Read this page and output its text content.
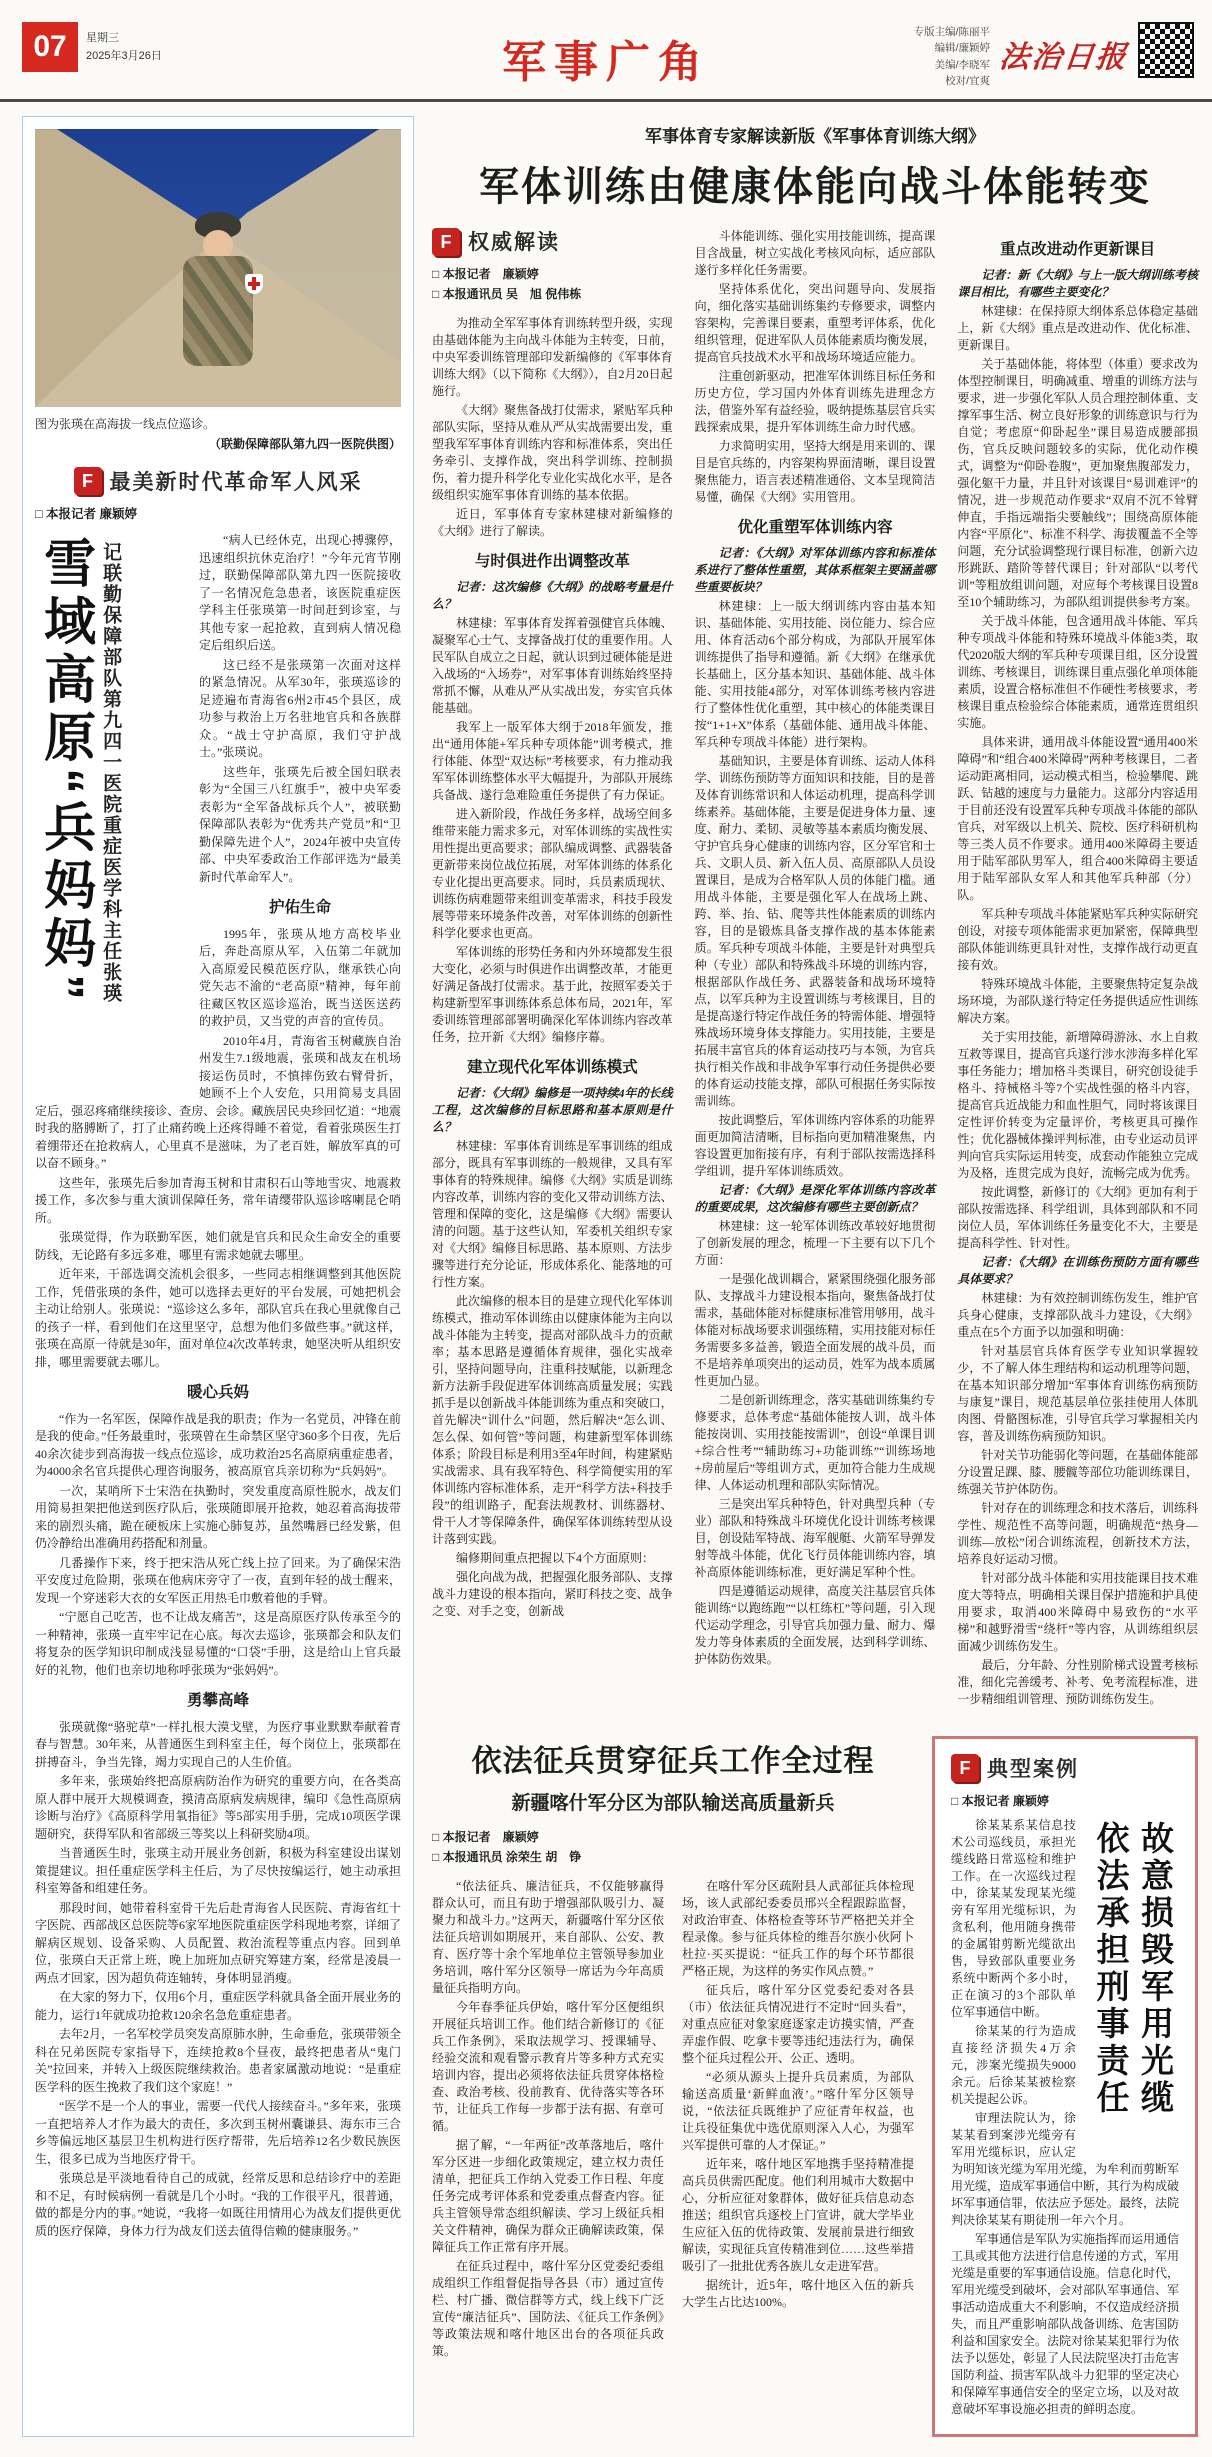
07	星期三
2025年3月26日	军事广角
专版主编/陈丽平
编辑/廉颖婷
美编/李晓军
校对/宜爽
法治日报
图为张瑛在高海拔一线点位巡诊。
（联勤保障部队第九四一医院供图）
F 最美新时代革命军人风采
□ 本报记者 廉颖婷
雪域高原“兵妈妈” 记联勤保障部队第九四一医院重症医学科主任张瑛

“病人已经休克，出现心搏骤停，迅速组织抗休克治疗！”今年元宵节刚过，联勤保障部队第九四一医院接收了一名情况危急患者，该医院重症医学科主任张瑛第一时间赶到诊室，与其他专家一起抢救，直到病人情况稳定后组织后送。

这已经不是张瑛第一次面对这样的紧急情况。从军30年，张瑛巡诊的足迹遍布青海省6州2市45个县区，成功参与救治上万名驻地官兵和各族群众。“战士守护高原，我们守护战士。”张瑛说。

这些年，张瑛先后被全国妇联表彰为“全国三八红旗手”，被中央军委表彰为“全军备战标兵个人”，被联勤保障部队表彰为“优秀共产党员”和“卫勤保障先进个人”，2024年被中央宣传部、中央军委政治工作部评选为“最美新时代革命军人”。

护佑生命

1995年，张瑛从地方高校毕业后，奔赴高原从军，入伍第二年就加入高原爱民模范医疗队，继承铁心向党矢志不渝的“老高原”精神，每年前往藏区牧区巡诊巡治，既当送医送药的救护员，又当党的声音的宣传员。

2010年4月，青海省玉树藏族自治州发生7.1级地震，张瑛和战友在机场接运伤员时，不慎摔伤致右臂骨折，她顾不上个人安危，只用简易支具固定后，强忍疼痛继续接诊、查房、会诊。藏族居民央珍回忆道：“地震时我的胳膊断了，打了止痛药晚上还疼得睡不着觉，看着张瑛医生打着绷带还在抢救病人，心里真不是滋味，为了老百姓，解放军真的可以奋不顾身。”

这些年，张瑛先后参加青海玉树和甘肃积石山等地雪灾、地震救援工作，多次参与重大演训保障任务，常年请缨带队巡诊喀喇昆仑哨所。

张瑛觉得，作为联勤军医，她们就是官兵和民众生命安全的重要防线，无论路有多远多难，哪里有需求她就去哪里。

近年来，干部选调交流机会很多，一些同志相继调整到其他医院工作，凭借张瑛的条件，她可以选择去更好的平台发展，可她把机会主动让给别人。张瑛说：“巡诊这么多年，部队官兵在我心里就像自己的孩子一样，看到他们在这里坚守，总想为他们多做些事。”就这样，张瑛在高原一待就是30年，面对单位4次改革转隶，她坚决听从组织安排，哪里需要就去哪儿。

暖心兵妈

“作为一名军医，保障作战是我的职责；作为一名党员，冲锋在前是我的使命。”任务最重时，张瑛曾在生命禁区坚守360多个日夜，先后40余次徒步到高海拔一线点位巡诊，成功救治25名高原病重症患者，为4000余名官兵提供心理咨询服务，被高原官兵亲切称为“兵妈妈”。

一次，某哨所下士宋浩在执勤时，突发重度高原性脱水，战友们用简易担架把他送到医疗队后，张瑛随即展开抢救，她忍着高海拔带来的剧烈头痛，跪在硬板床上实施心肺复苏，虽然嘴唇已经发紫，但仍冷静给出准确用药搭配和剂量。

几番操作下来，终于把宋浩从死亡线上拉了回来。为了确保宋浩平安度过危险期，张瑛在他病床旁守了一夜，直到年轻的战士醒来，发现一个穿迷彩大衣的女军医正用热毛巾敷着他的手臂。

“宁愿自己吃苦，也不让战友痛苦”，这是高原医疗队传承至今的一种精神，张瑛一直牢牢记在心底。每次去巡诊，张瑛都会和队友们将复杂的医学知识印制成浅显易懂的“口袋”手册，这是给山上官兵最好的礼物，他们也亲切地称呼张瑛为“张妈妈”。

勇攀高峰

张瑛就像“骆驼草”一样扎根大漠戈壁，为医疗事业默默奉献着青春与智慧。30年来，从普通医生到科室主任，每个岗位上，张瑛都在拼搏奋斗，争当先锋，竭力实现自己的人生价值。

多年来，张瑛始终把高原病防治作为研究的重要方向，在各类高原人群中展开大规模调查，摸清高原病发病规律，编印《急性高原病诊断与治疗》《高原科学用氧指征》等5部实用手册，完成10项医学课题研究，获得军队和省部级三等奖以上科研奖励4项。

当普通医生时，张瑛主动开展业务创新，积极为科室建设出谋划策提建议。担任重症医学科主任后，为了尽快按编运行，她主动承担科室筹备和组建任务。

那段时间，她带着科室骨干先后赴青海省人民医院、青海省红十字医院、西部战区总医院等6家军地医院重症医学科现地考察，详细了解病区规划、设备采购、人员配置、救治流程等重点内容。回到单位，张瑛白天正常上班，晚上加班加点研究筹建方案，经常是凌晨一两点才回家，因为超负荷连轴转，身体明显消瘦。

在大家的努力下，仅用6个月，重症医学科就具备全面开展业务的能力，运行1年就成功抢救120余名急危重症患者。

去年2月，一名军校学员突发高原肺水肿，生命垂危，张瑛带领全科在兄弟医院专家指导下，连续抢救8个昼夜，最终把患者从“鬼门关”拉回来，并转入上级医院继续救治。患者家属激动地说：“是重症医学科的医生挽救了我们这个家庭！”

“医学不是一个人的事业，需要一代代人接续奋斗。”多年来，张瑛一直把培养人才作为最大的责任，多次到玉树州囊谦县、海东市三合乡等偏远地区基层卫生机构进行医疗帮带，先后培养12名少数民族医生，很多已成为当地医疗骨干。

张瑛总是平淡地看待自己的成就，经常反思和总结诊疗中的差距和不足，有时候病例一看就是几个小时。“我的工作很平凡，很普通，做的都是分内的事。”她说，“我将一如既往用情用心为战友们提供更优质的医疗保障，身体力行为战友们送去值得信赖的健康服务。”

军事体育专家解读新版《军事体育训练大纲》
军体训练由健康体能向战斗体能转变
F 权威解读
□ 本报记者　廉颖婷
□ 本报通讯员 吴　旭 倪伟栋

为推动全军军事体育训练转型升级，实现由基础体能为主向战斗体能为主转变，日前，中央军委训练管理部印发新编修的《军事体育训练大纲》（以下简称《大纲》），自2月20日起施行。

《大纲》聚焦备战打仗需求，紧贴军兵种部队实际，坚持从难从严从实战需要出发，重塑我军军事体育训练内容和标准体系，突出任务牵引、支撑作战，突出科学训练、控制损伤，着力提升科学化专业化实战化水平，是各级组织实施军事体育训练的基本依据。

近日，军事体育专家林建棣对新编修的《大纲》进行了解读。

与时俱进作出调整改革

记者：这次编修《大纲》的战略考量是什么？

林建棣：军事体育发挥着强健官兵体魄、凝聚军心士气、支撑备战打仗的重要作用。人民军队自成立之日起，就认识到过硬体能是进入战场的“入场券”，对军事体育训练始终坚持常抓不懈，从难从严从实战出发，夯实官兵体能基础。

我军上一版军体大纲于2018年颁发，推出“通用体能+军兵种专项体能”训考模式，推行体能、体型“双达标”考核要求，有力推动我军军体训练整体水平大幅提升，为部队开展练兵备战、遂行急难险重任务提供了有力保证。

进入新阶段，作战任务多样，战场空间多维带来能力需求多元，对军体训练的实战性实用性提出更高要求；部队编成调整、武器装备更新带来岗位战位拓展，对军体训练的体系化专业化提出更高要求。同时，兵员素质现状、训练伤病难题带来组训变革需求，科技手段发展等带来环境条件改善，对军体训练的创新性科学化要求也更高。

军体训练的形势任务和内外环境都发生很大变化，必须与时俱进作出调整改革，才能更好满足备战打仗需求。基于此，按照军委关于构建新型军事训练体系总体布局，2021年，军委训练管理部部署明确深化军体训练内容改革任务，拉开新《大纲》编修序幕。

建立现代化军体训练模式

记者：《大纲》编修是一项持续4年的长线工程，这次编修的目标思路和基本原则是什么？

林建棣：军事体育训练是军事训练的组成部分，既具有军事训练的一般规律，又具有军事体育的特殊规律。编修《大纲》实质是训练内容改革，训练内容的变化又带动训练方法、管理和保障的变化，这是编修《大纲》需要认清的问题。基于这些认知，军委机关组织专家对《大纲》编修目标思路、基本原则、方法步骤等进行充分论证，形成体系化、能落地的可行性方案。

此次编修的根本目的是建立现代化军体训练模式，推动军体训练由以健康体能为主向以战斗体能为主转变，提高对部队战斗力的贡献率；基本思路是遵循体育规律，强化实战牵引，坚持问题导向，注重科技赋能，以新理念新方法新手段促进军体训练高质量发展；实践抓手是以创新战斗体能训练为重点和突破口，首先解决“训什么”问题，然后解决“怎么训、怎么保、如何管”等问题，构建新型军体训练体系；阶段目标是利用3至4年时间，构建紧贴实战需求、具有我军特色、科学简便实用的军体训练内容标准体系，走开“科学方法+科技手段”的组训路子，配套法规教材、训练器材、骨干人才等保障条件，确保军体训练转型从设计落到实践。

编修期间重点把握以下4个方面原则：

强化向战为战，把握强化服务部队、支撑战斗力建设的根本指向，紧盯科技之变、战争之变、对手之变，创新战

斗体能训练、强化实用技能训练，提高课目含战量，树立实战化考核风向标，适应部队遂行多样化任务需要。

坚持体系优化，突出问题导向、发展指向，细化落实基础训练集约专修要求，调整内容架构，完善课目要素，重塑考评体系，优化组织管理，促进军队人员体能素质均衡发展，提高官兵技战术水平和战场环境适应能力。

注重创新驱动，把准军体训练目标任务和历史方位，学习国内外体育训练先进理念方法，借鉴外军有益经验，吸纳提炼基层官兵实践探索成果，提升军体训练生命力时代感。

力求简明实用，坚持大纲是用来训的、课目是官兵练的，内容架构界面清晰，课目设置聚焦能力，语言表述精准通俗、文本呈现简洁易懂，确保《大纲》实用管用。

优化重塑军体训练内容

记者：《大纲》对军体训练内容和标准体系进行了整体性重塑，其体系框架主要涵盖哪些重要板块？

林建棣：上一版大纲训练内容由基本知识、基础体能、实用技能、岗位能力、综合应用、体育活动6个部分构成，为部队开展军体训练提供了指导和遵循。新《大纲》在继承优长基础上，区分基本知识、基础体能、战斗体能、实用技能4部分，对军体训练考核内容进行了整体性优化重塑，其中核心的体能类课目按“1+1+X”体系（基础体能、通用战斗体能、军兵种专项战斗体能）进行架构。

基础知识，主要是体育训练、运动人体科学、训练伤预防等方面知识和技能，目的是普及体育训练常识和人体运动机理，提高科学训练素养。基础体能，主要是促进身体力量、速度、耐力、柔韧、灵敏等基本素质均衡发展、守护官兵身心健康的训练内容，区分军官和士兵、文职人员、新入伍人员、高原部队人员设置课目，是成为合格军队人员的体能门槛。通用战斗体能，主要是强化军人在战场上跳、跨、举、抬、钻、爬等共性体能素质的训练内容，目的是锻炼具备支撑作战的基本体能素质。军兵种专项战斗体能，主要是针对典型兵种（专业）部队和特殊战斗环境的训练内容，根据部队作战任务、武器装备和战场环境特点，以军兵种为主设置训练与考核课目，目的是提高遂行特定作战任务的特需体能、增强特殊战场环境身体支撑能力。实用技能，主要是拓展丰富官兵的体育运动技巧与本领，为官兵执行相关作战和非战争军事行动任务提供必要的体育运动技能支撑，部队可根据任务实际按需训练。

按此调整后，军体训练内容体系的功能界面更加简洁清晰，目标指向更加精准聚焦，内容设置更加衔接有序，有利于部队按需选择科学组训，提升军体训练质效。

记者：《大纲》是深化军体训练内容改革的重要成果，这次编修有哪些主要创新点？

林建棣：这一轮军体训练改革较好地贯彻了创新发展的理念，梳理一下主要有以下几个方面：

一是强化战训耦合，紧紧围绕强化服务部队、支撑战斗力建设根本指向，聚焦备战打仗需求，基础体能对标健康标准管用够用，战斗体能对标战场要求训强练精，实用技能对标任务需要多多益善，锻造全面发展的战斗员，而不是培养单项突出的运动员，姓军为战本质属性更加凸显。

二是创新训练理念，落实基础训练集约专修要求，总体考虑“基础体能按人训，战斗体能按岗训、实用技能按需训”，创设“单课目训+综合性考”“辅助练习+功能训练”“训练场地+房前屋后”等组训方式，更加符合能力生成规律、人体运动机理和部队实际情况。

三是突出军兵种特色，针对典型兵种（专业）部队和特殊战斗环境优化设计训练考核课目，创设陆军特战、海军舰艇、火箭军导弹发射等战斗体能，优化飞行员体能训练内容，填补高原体能训练标准，更好满足军种个性。

四是遵循运动规律，高度关注基层官兵体能训练“以跑练跑”“以杠练杠”等问题，引入现代运动学理念，引导官兵加强力量、耐力、爆发力等身体素质的全面发展，达到科学训练、护体防伤效果。

重点改进动作更新课目

记者：新《大纲》与上一版大纲训练考核课目相比，有哪些主要变化？

林建棣：在保持原大纲体系总体稳定基础上，新《大纲》重点是改进动作、优化标准、更新课目。

关于基础体能，将体型（体重）要求改为体型控制课目，明确减重、增重的训练方法与要求，进一步强化军队人员合理控制体重、支撑军事生活、树立良好形象的训练意识与行为自觉；考虑原“仰卧起坐”课目易造成腰部损伤，官兵反映问题较多的实际，优化动作模式，调整为“仰卧卷腹”，更加聚焦腹部发力，强化躯干力量，并且针对该课目“易训难评”的情况，进一步规范动作要求“双肩不沉不耸臂伸直，手指远端指尖要触线”；围绕高原体能内容“平原化”、标准不科学、海拔覆盖不全等问题，充分试验调整现行课目标准，创新六边形跳跃、踏阶等替代课目；针对部队“以考代训”等粗放组训问题，对应每个考核课目设置8至10个辅助练习，为部队组训提供参考方案。

关于战斗体能，包含通用战斗体能、军兵种专项战斗体能和特殊环境战斗体能3类，取代2020版大纲的军兵种专项课目组，区分设置训练、考核课目，训练课目重点强化单项体能素质，设置合格标准但不作硬性考核要求，考核课目重点检验综合体能素质，通常连贯组织实施。

具体来讲，通用战斗体能设置“通用400米障碍”和“组合400米障碍”两种考核课目，二者运动距离相同，运动模式相当，检验攀爬、跳跃、钻越的速度与力量能力。这部分内容适用于目前还没有设置军兵种专项战斗体能的部队官兵，对军级以上机关、院校、医疗科研机构等三类人员不作要求。通用400米障碍主要适用于陆军部队男军人，组合400米障碍主要适用于陆军部队女军人和其他军兵种部（分）队。

军兵种专项战斗体能紧贴军兵种实际研究创设，对接专项体能需求更加紧密，保障典型部队体能训练更具针对性，支撑作战行动更直接有效。

特殊环境战斗体能，主要聚焦特定复杂战场环境，为部队遂行特定任务提供适应性训练解决方案。

关于实用技能，新增障碍游泳、水上自救互救等课目，提高官兵遂行涉水涉海多样化军事任务能力；增加格斗类课目，研究创设徒手格斗、持械格斗等7个实战性强的格斗内容，提高官兵近战能力和血性胆气，同时将该课目定性评价转变为定量评价，考核更具可操作性；优化器械体操评判标准，由专业运动员评判向官兵实际运用转变，成套动作能独立完成为及格，连贯完成为良好，流畅完成为优秀。

按此调整，新修订的《大纲》更加有利于部队按需选择、科学组训，具体到部队和不同岗位人员，军体训练任务量变化不大，主要是提高科学性、针对性。

记者：《大纲》在训练伤预防方面有哪些具体要求？

林建棣：为有效控制训练伤发生，维护官兵身心健康，支撑部队战斗力建设，《大纲》重点在5个方面予以加强和明确：

针对基层官兵体育医学专业知识掌握较少，不了解人体生理结构和运动机理等问题，在基本知识部分增加“军事体育训练伤病预防与康复”课目，规范基层单位张挂使用人体肌肉图、骨骼图标准，引导官兵学习掌握相关内容，普及训练伤病预防知识。

针对关节功能弱化等问题，在基础体能部分设置足踝、膝、腰髋等部位功能训练课目，练强关节护体防伤。

针对存在的训练理念和技术落后，训练科学性、规范性不高等问题，明确规范“热身—训练—放松”闭合训练流程，创新技术方法，培养良好运动习惯。

针对部分战斗体能和实用技能课目技术难度大等特点，明确相关课目保护措施和护具使用要求，取消400米障碍中易致伤的“水平梯”和越野滑雪“绕杆”等内容，从训练组织层面减少训练伤发生。

最后，分年龄、分性别阶梯式设置考核标准，细化完善缓考、补考、免考流程标准，进一步精细组训管理、预防训练伤发生。

依法征兵贯穿征兵工作全过程
新疆喀什军分区为部队输送高质量新兵
□ 本报记者　廉颖婷
□ 本报通讯员 涂荣生 胡　铮

“依法征兵、廉洁征兵，不仅能够赢得群众认可，而且有助于增强部队吸引力、凝聚力和战斗力。”这两天，新疆喀什军分区依法征兵培训如期展开，来自部队、公安、教育、医疗等十余个军地单位主管领导参加业务培训，喀什军分区领导一席话为今年高质量征兵指明方向。

今年春季征兵伊始，喀什军分区便组织开展征兵培训工作。他们结合新修订的《征兵工作条例》，采取法规学习、授课辅导、经验交流和观看警示教育片等多种方式充实培训内容，提出必须将依法征兵贯穿体格检查、政治考核、役前教育、优待落实等各环节，让征兵工作每一步都于法有据、有章可循。

据了解，“一年两征”改革落地后，喀什军分区进一步细化政策规定，建立权力责任清单，把征兵工作纳入党委工作日程、年度任务完成考评体系和党委重点督查内容。征兵主管领导常态组织解读、学习上级征兵相关文件精神，确保为群众正确解读政策，保障征兵工作正常有序开展。

在征兵过程中，喀什军分区党委纪委组成组织工作组督促指导各县（市）通过宣传栏、村广播、微信群等方式，线上线下广泛宣传“廉洁征兵”、国防法、《征兵工作条例》等政策法规和喀什地区出台的各项征兵政策。

在喀什军分区疏附县人武部征兵体检现场，该人武部纪委委员邢兴全程跟踪监督，对政治审查、体格检查等环节严格把关并全程录像。参与征兵体检的维吾尔族小伙阿卜杜拉·买买提说：“征兵工作的每个环节都很严格正规，为这样的务实作风点赞。”

征兵后，喀什军分区党委纪委对各县（市）依法征兵情况进行不定时“回头看”，对重点应征对象家庭逐家走访摸实情，严查弄虚作假、吃拿卡要等违纪违法行为，确保整个征兵过程公开、公正、透明。

“必须从源头上提升兵员素质，为部队输送高质量‘新鲜血液’。”喀什军分区领导说，“依法征兵既维护了应征青年权益，也让兵役征集优中选优原则深入人心，为强军兴军提供可靠的人才保证。”

近年来，喀什地区军地携手坚持精准提高兵员供需匹配度。他们利用城市大数据中心，分析应征对象群体，做好征兵信息动态推送；组织官兵逐校上门宣讲，就大学毕业生应征入伍的优待政策、发展前景进行细致解读，实现征兵宣传精准到位……这些举措吸引了一批批优秀各族儿女走进军营。

据统计，近5年，喀什地区入伍的新兵大学生占比达100%。

F 典型案例
□ 本报记者 廉颖婷
故意损毁军用光缆
依法承担刑事责任

徐某某系某信息技术公司巡线员，承担光缆线路日常巡检和维护工作。在一次巡线过程中，徐某某发现某光缆旁有军用光缆标识，为贪私利，他用随身携带的金属钳剪断光缆欲出售，导致部队重要业务系统中断两个多小时，正在演习的3个部队单位军事通信中断。

徐某某的行为造成直接经济损失4万余元，涉案光缆损失9000余元。后徐某某被检察机关提起公诉。

审理法院认为，徐某某看到案涉光缆旁有军用光缆标识，应认定为明知该光缆为军用光缆，为牟利而剪断军用光缆，造成军事通信中断，其行为构成破坏军事通信罪，依法应予惩处。最终，法院判决徐某某有期徒刑一年六个月。

军事通信是军队为实施指挥而运用通信工具或其他方法进行信息传递的方式，军用光缆是重要的军事通信设施。信息化时代，军用光缆受到破坏，会对部队军事通信、军事活动造成重大不利影响，不仅造成经济损失，而且严重影响部队战备训练、危害国防利益和国家安全。法院对徐某某犯罪行为依法予以惩处，彰显了人民法院坚决打击危害国防利益、损害军队战斗力犯罪的坚定决心和保障军事通信安全的坚定立场，以及对故意破坏军事设施必担责的鲜明态度。
